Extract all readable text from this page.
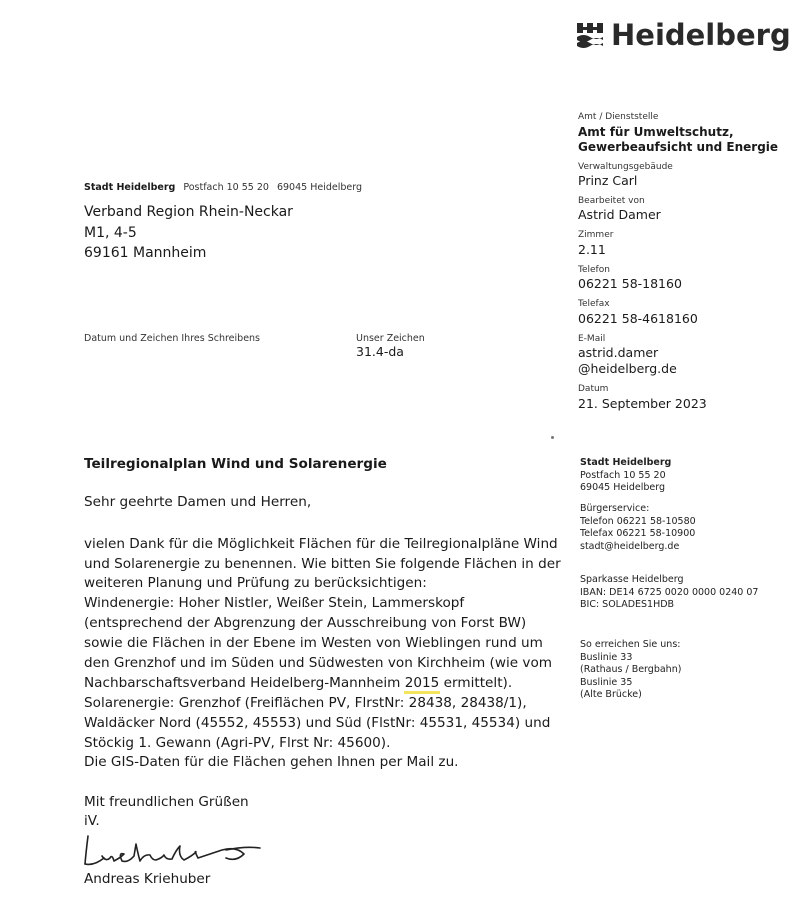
Heidelberg
Amt / Dienststelle
Amt für Umweltschutz,
Gewerbeaufsicht und Energie
Verwaltungsgebäude
Prinz Carl
Bearbeitet von
Astrid Damer
Zimmer
2.11
Telefon
06221 58-18160
Telefax
06221 58-4618160
E-Mail
astrid.damer
@heidelberg.de
Datum
21. September 2023
Stadt Heidelberg Postfach 10 55 20 69045 Heidelberg
Verband Region Rhein-Neckar
M1, 4-5
69161 Mannheim
Datum und Zeichen Ihres Schreibens	Unser Zeichen
31.4-da
Teilregionalplan Wind und Solarenergie
Sehr geehrte Damen und Herren,
vielen Dank für die Möglichkeit Flächen für die Teilregionalpläne Wind
und Solarenergie zu benennen. Wie bitten Sie folgende Flächen in der
weiteren Planung und Prüfung zu berücksichtigen:
Windenergie: Hoher Nistler, Weißer Stein, Lammerskopf
(entsprechend der Abgrenzung der Ausschreibung von Forst BW)
sowie die Flächen in der Ebene im Westen von Wieblingen rund um
den Grenzhof und im Süden und Südwesten von Kirchheim (wie vom
Nachbarschaftsverband Heidelberg-Mannheim 2015 ermittelt).
Solarenergie: Grenzhof (Freiflächen PV, FlrstNr: 28438, 28438/1),
Waldäcker Nord (45552, 45553) und Süd (FlstNr: 45531, 45534) und
Stöckig 1. Gewann (Agri-PV, Flrst Nr: 45600).
Die GIS-Daten für die Flächen gehen Ihnen per Mail zu.
Mit freundlichen Grüßen
iV.
Andreas Kriehuber
Stadt Heidelberg
Postfach 10 55 20
69045 Heidelberg
Bürgerservice:
Telefon 06221 58-10580
Telefax 06221 58-10900
stadt@heidelberg.de
Sparkasse Heidelberg
IBAN: DE14 6725 0020 0000 0240 07
BIC: SOLADES1HDB
So erreichen Sie uns:
Buslinie 33
(Rathaus / Bergbahn)
Buslinie 35
(Alte Brücke)
